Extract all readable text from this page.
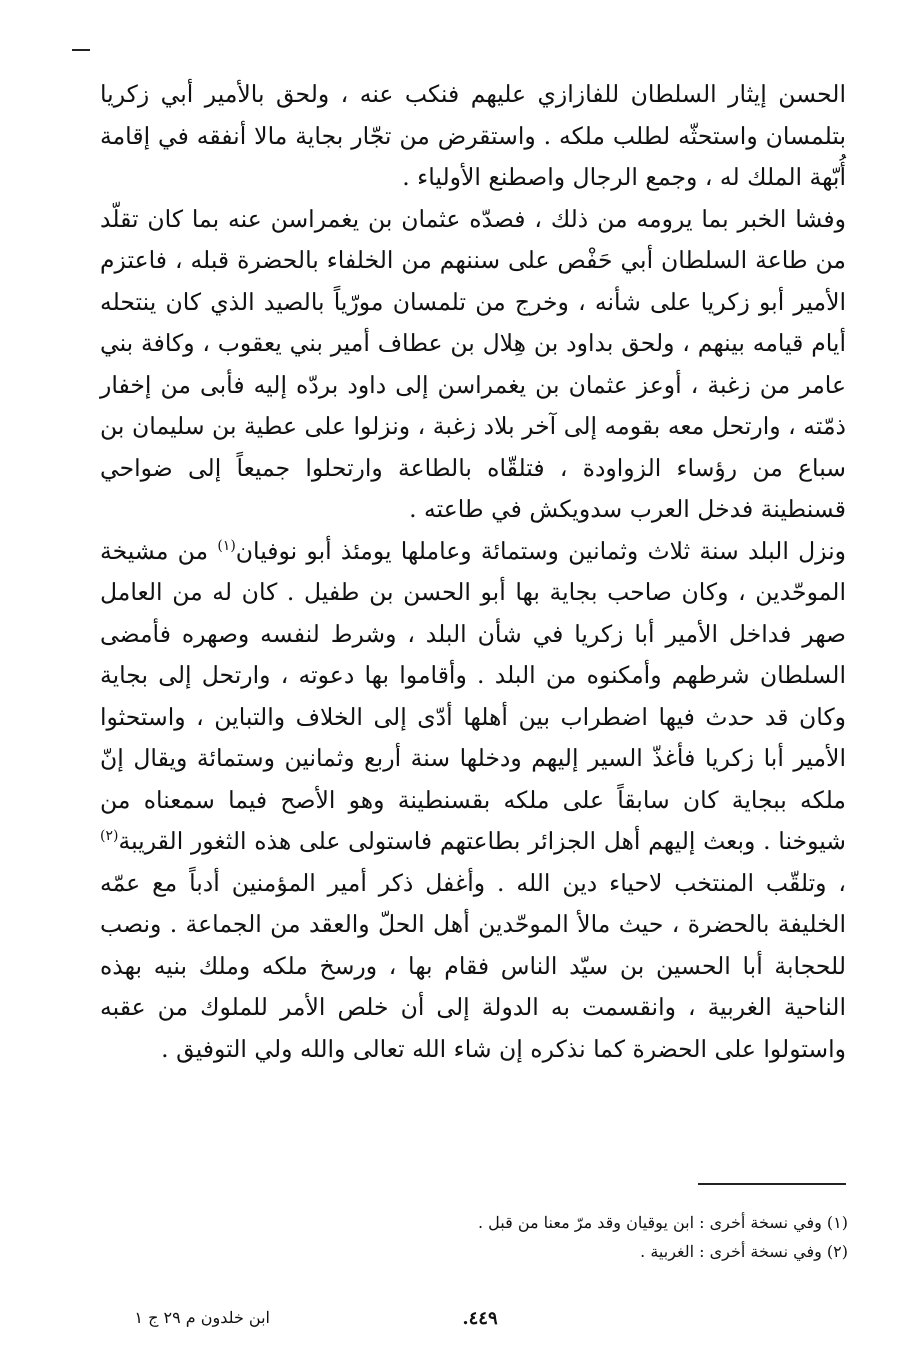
الحسن إيثار السلطان للفازازي عليهم فنكب عنه ، ولحق بالأمير أبي زكريا بتلمسان واستحثّه لطلب ملكه . واستقرض من تجّار بجاية مالا أنفقه في إقامة أُبّهة الملك له ، وجمع الرجال واصطنع الأولياء .

وفشا الخبر بما يرومه من ذلك ، فصدّه عثمان بن يغمراسن عنه بما كان تقلّد من طاعة السلطان أبي حَفْص على سننهم من الخلفاء بالحضرة قبله ، فاعتزم الأمير أبو زكريا على شأنه ، وخرج من تلمسان مورّياً بالصيد الذي كان ينتحله أيام قيامه بينهم ، ولحق بداود بن هِلال بن عطاف أمير بني يعقوب ، وكافة بني عامر من زغبة ، أوعز عثمان بن يغمراسن إلى داود بردّه إليه فأبى من إخفار ذمّته ، وارتحل معه بقومه إلى آخر بلاد زغبة ، ونزلوا على عطية بن سليمان بن سباع من رؤساء الزواودة ، فتلقّاه بالطاعة وارتحلوا جميعاً إلى ضواحي قسنطينة فدخل العرب سدويكش في طاعته .

ونزل البلد سنة ثلاث وثمانين وستمائة وعاملها يومئذ أبو نوفيان$^{(١)}$ من مشيخة الموحّدين ، وكان صاحب بجاية بها أبو الحسن بن طفيل . كان له من العامل صهر فداخل الأمير أبا زكريا في شأن البلد ، وشرط لنفسه وصهره فأمضى السلطان شرطهم وأمكنوه من البلد . وأقاموا بها دعوته ، وارتحل إلى بجاية وكان قد حدث فيها اضطراب بين أهلها أدّى إلى الخلاف والتباين ، واستحثوا الأمير أبا زكريا فأغذّ السير إليهم ودخلها سنة أربع وثمانين وستمائة ويقال إنّ ملكه ببجاية كان سابقاً على ملكه بقسنطينة وهو الأصح فيما سمعناه من شيوخنا . وبعث إليهم أهل الجزائر بطاعتهم فاستولى على هذه الثغور القريبة$^{(٢)}$ ، وتلقّب المنتخب لاحياء دين الله . وأغفل ذكر أمير المؤمنين أدباً مع عمّه الخليفة بالحضرة ، حيث مالأ الموحّدين أهل الحلّ والعقد من الجماعة . ونصب للحجابة أبا الحسين بن سيّد الناس فقام بها ، ورسخ ملكه وملك بنيه بهذه الناحية الغربية ، وانقسمت به الدولة إلى أن خلص الأمر للملوك من عقبه واستولوا على الحضرة كما نذكره إن شاء الله تعالى والله ولي التوفيق .

(١) وفي نسخة أخرى : ابن يوقيان وقد مرّ معنا من قبل .

(٢) وفي نسخة أخرى : الغربية .

ابن خلدون م ٢٩ ج ١	٤٤٩.
